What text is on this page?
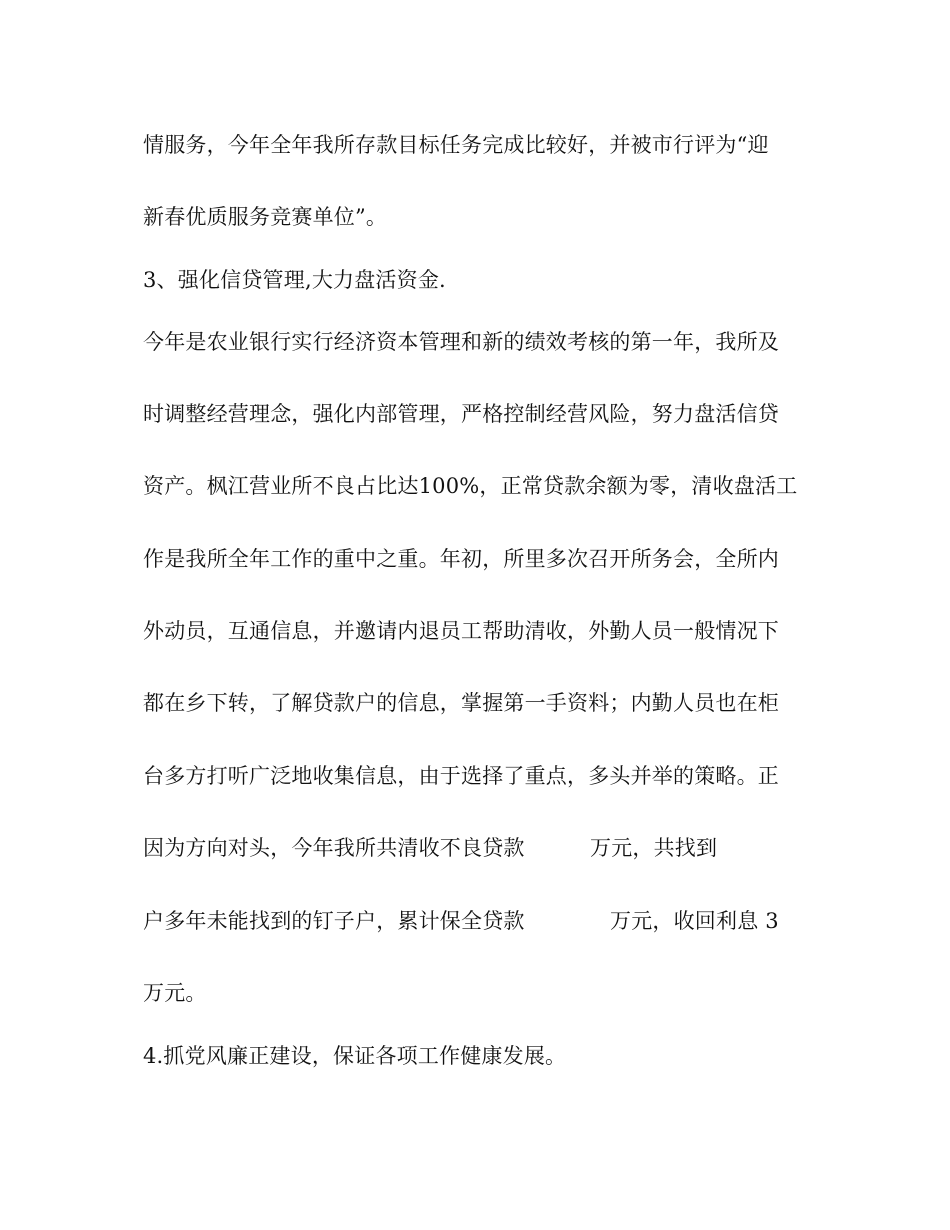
情服务，今年全年我所存款目标任务完成比较好，并被市行评为“迎
新春优质服务竞赛单位”。
3、强化信贷管理,大力盘活资金.
今年是农业银行实行经济资本管理和新的绩效考核的第一年，我所及
时调整经营理念，强化内部管理，严格控制经营风险，努力盘活信贷
资产。枫江营业所不良占比达100%，正常贷款余额为零，清收盘活工
作是我所全年工作的重中之重。年初，所里多次召开所务会，全所内
外动员，互通信息，并邀请内退员工帮助清收，外勤人员一般情况下
都在乡下转，了解贷款户的信息，掌握第一手资料；内勤人员也在柜
台多方打听广泛地收集信息，由于选择了重点，多头并举的策略。正
因为方向对头，今年我所共清收不良贷款	万元，共找到
户多年未能找到的钉子户，累计保全贷款	万元，收回利息 3
万元。
4.抓党风廉正建设，保证各项工作健康发展。
